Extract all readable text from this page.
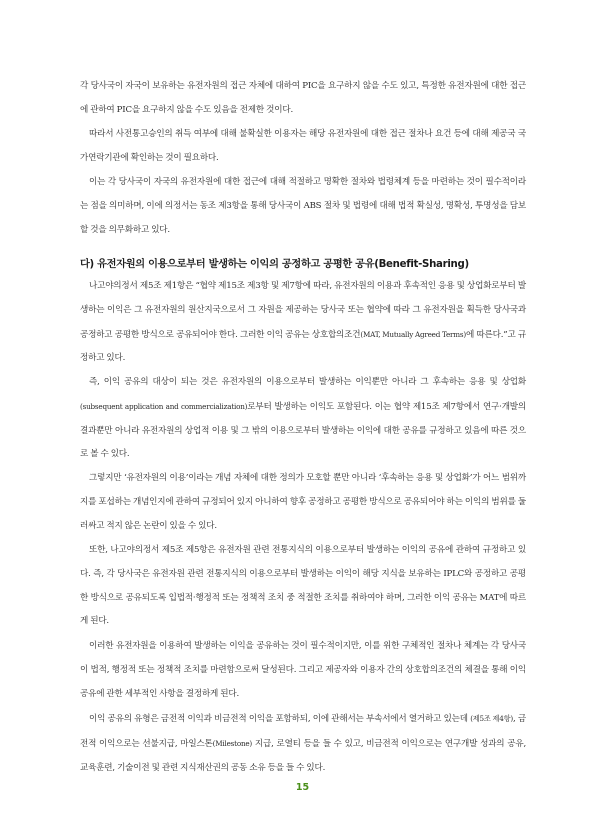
각 당사국이 자국이 보유하는 유전자원의 접근 자체에 대하여 PIC을 요구하지 않을 수도 있고, 특정한 유전자원에 대한 접근에 관하여 PIC을 요구하지 않을 수도 있음을 전제한 것이다.

따라서 사전통고승인의 취득 여부에 대해 불확실한 이용자는 해당 유전자원에 대한 접근 절차나 요건 등에 대해 제공국 국가연락기관에 확인하는 것이 필요하다.

이는 각 당사국이 자국의 유전자원에 대한 접근에 대해 적절하고 명확한 절차와 법령체계 등을 마련하는 것이 필수적이라는 점을 의미하며, 이에 의정서는 동조 제3항을 통해 당사국이 ABS 절차 및 법령에 대해 법적 확실성, 명확성, 투명성을 담보할 것을 의무화하고 있다.

다) 유전자원의 이용으로부터 발생하는 이익의 공정하고 공평한 공유(Benefit-Sharing)

나고야의정서 제5조 제1항은 “협약 제15조 제3항 및 제7항에 따라, 유전자원의 이용과 후속적인 응용 및 상업화로부터 발생하는 이익은 그 유전자원의 원산지국으로서 그 자원을 제공하는 당사국 또는 협약에 따라 그 유전자원을 획득한 당사국과 공정하고 공평한 방식으로 공유되어야 한다. 그러한 이익 공유는 상호합의조건(MAT, Mutually Agreed Terms)에 따른다.”고 규정하고 있다.

즉, 이익 공유의 대상이 되는 것은 유전자원의 이용으로부터 발생하는 이익뿐만 아니라 그 후속하는 응용 및 상업화(subsequent application and commercialization)로부터 발생하는 이익도 포함된다. 이는 협약 제15조 제7항에서 연구·개발의 결과뿐만 아니라 유전자원의 상업적 이용 및 그 밖의 이용으로부터 발생하는 이익에 대한 공유를 규정하고 있음에 따른 것으로 볼 수 있다.

그렇지만 ‘유전자원의 이용’이라는 개념 자체에 대한 정의가 모호할 뿐만 아니라 ‘후속하는 응용 및 상업화’가 어느 범위까지를 포섭하는 개념인지에 관하여 규정되어 있지 아니하여 향후 공정하고 공평한 방식으로 공유되어야 하는 이익의 범위를 둘러싸고 적지 않은 논란이 있을 수 있다.

또한, 나고야의정서 제5조 제5항은 유전자원 관련 전통지식의 이용으로부터 발생하는 이익의 공유에 관하여 규정하고 있다. 즉, 각 당사국은 유전자원 관련 전통지식의 이용으로부터 발생하는 이익이 해당 지식을 보유하는 IPLC와 공정하고 공평한 방식으로 공유되도록 입법적·행정적 또는 정책적 조치 중 적절한 조치를 취하여야 하며, 그러한 이익 공유는 MAT에 따르게 된다.

이러한 유전자원을 이용하여 발생하는 이익을 공유하는 것이 필수적이지만, 이를 위한 구체적인 절차나 체계는 각 당사국이 법적, 행정적 또는 정책적 조치를 마련함으로써 달성된다. 그리고 제공자와 이용자 간의 상호합의조건의 체결을 통해 이익공유에 관한 세부적인 사항을 결정하게 된다.

이익 공유의 유형은 금전적 이익과 비금전적 이익을 포함하되, 이에 관해서는 부속서에서 열거하고 있는데 (제5조 제4항), 금전적 이익으로는 선불지급, 마일스톤(Milestone) 지급, 로열티 등을 들 수 있고, 비금전적 이익으로는 연구개발 성과의 공유, 교육훈련, 기술이전 및 관련 지식재산권의 공동 소유 등을 들 수 있다.

15
